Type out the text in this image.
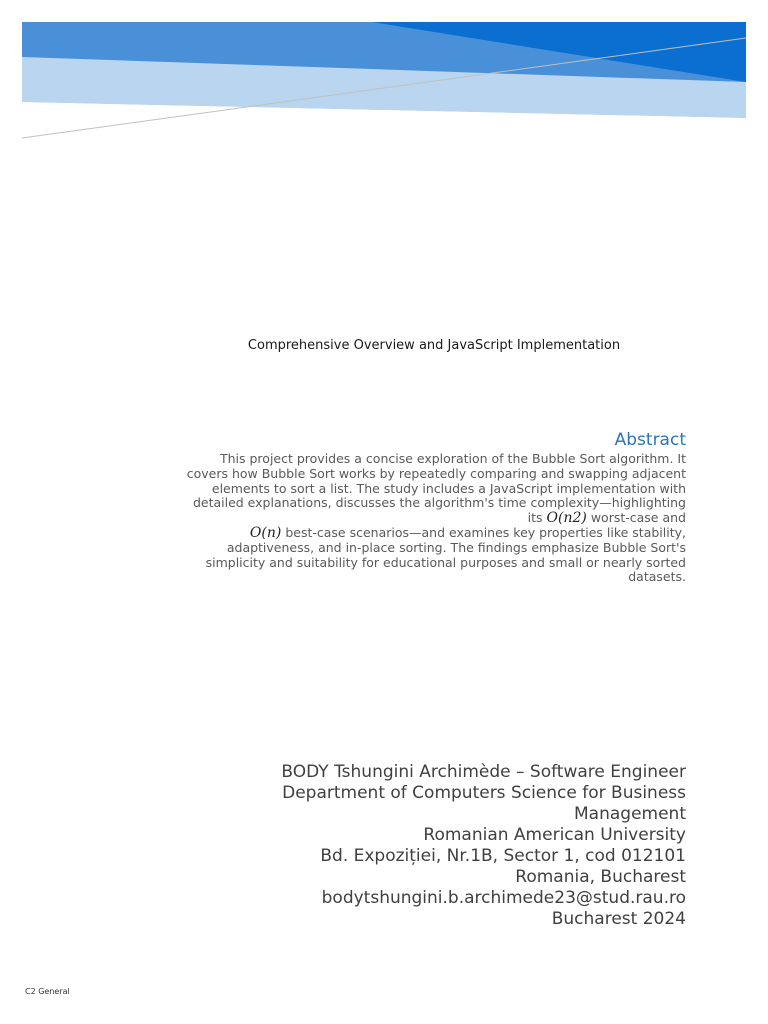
Comprehensive Overview and JavaScript Implementation
Abstract

This project provides a concise exploration of the Bubble Sort algorithm. It covers how Bubble Sort works by repeatedly comparing and swapping adjacent elements to sort a list. The study includes a JavaScript implementation with detailed explanations, discusses the algorithm's time complexity—highlighting its O(n2) worst-case and
O(n) best-case scenarios—and examines key properties like stability, adaptiveness, and in-place sorting. The findings emphasize Bubble Sort's simplicity and suitability for educational purposes and small or nearly sorted datasets.

BODY Tshungini Archimède – Software Engineer
Department of Computers Science for Business Management
Romanian American University
Bd. Expoziției, Nr.1B, Sector 1, cod 012101
Romania, Bucharest
bodytshungini.b.archimede23@stud.rau.ro
Bucharest 2024
C2 General
